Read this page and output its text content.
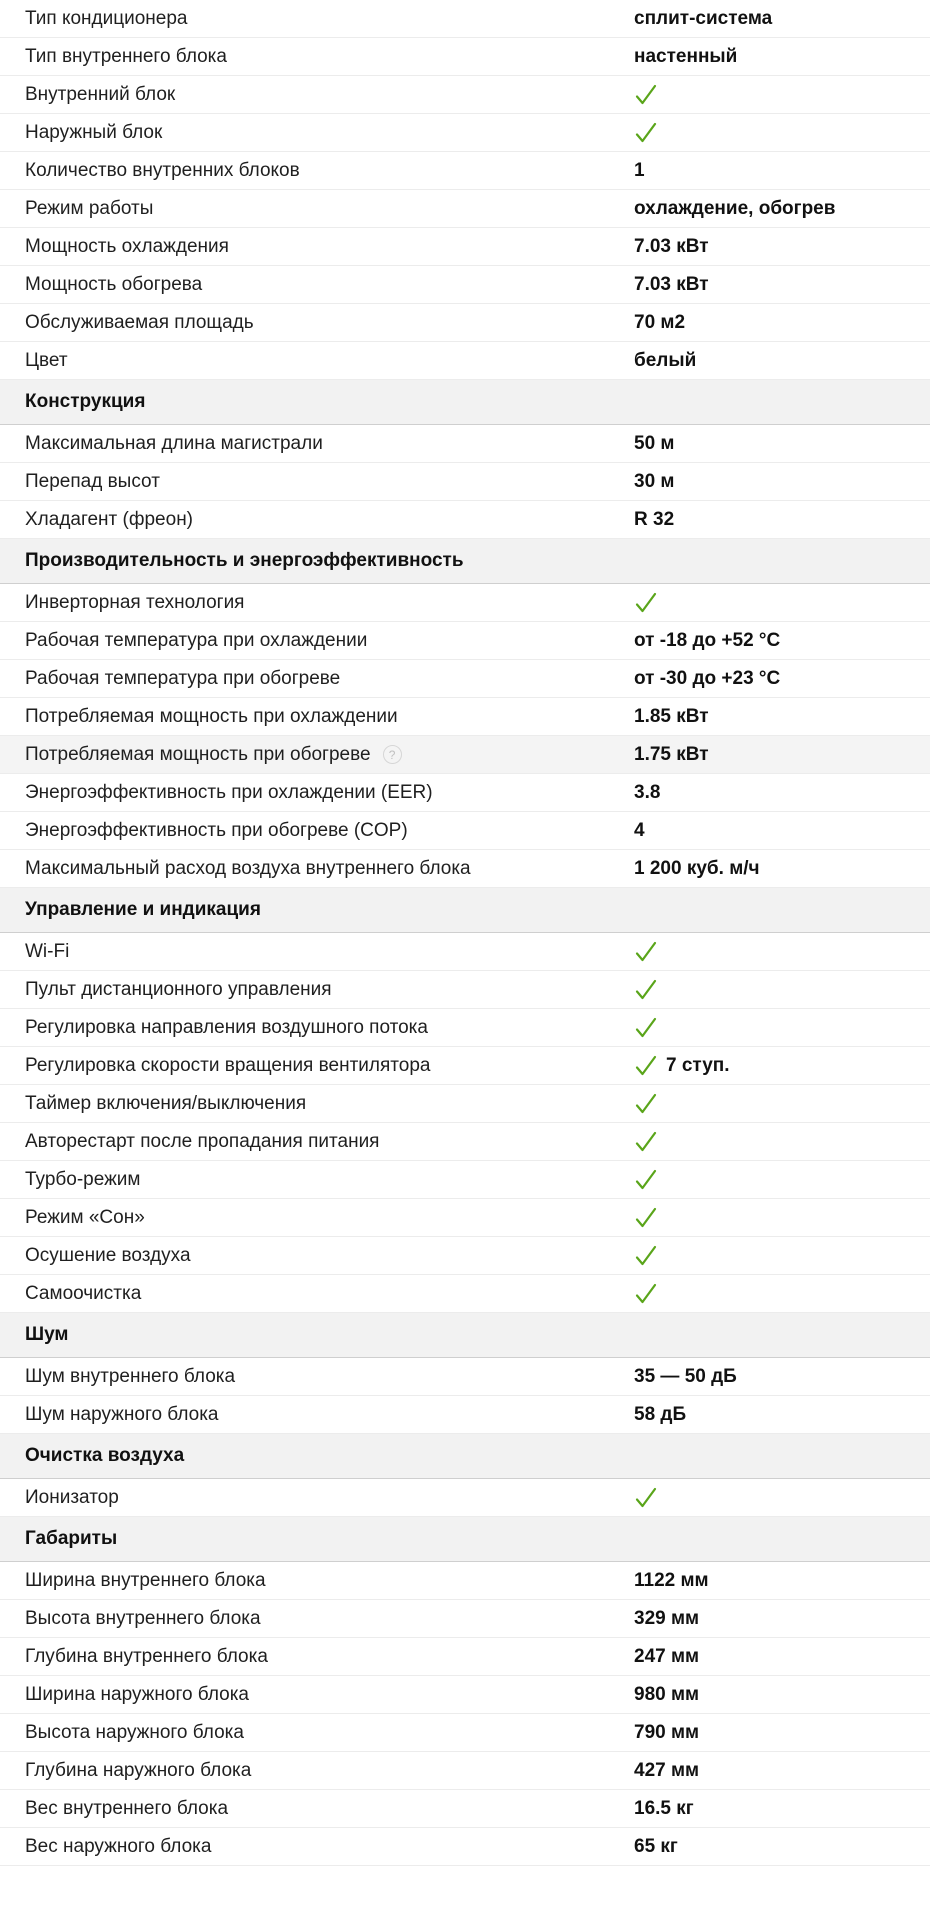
Тип кондиционера	сплит-система
Тип внутреннего блока	настенный
Внутренний блок
Наружный блок
Количество внутренних блоков	1
Режим работы	охлаждение, обогрев
Мощность охлаждения	7.03 кВт
Мощность обогрева	7.03 кВт
Обслуживаемая площадь	70 м2
Цвет	белый
Конструкция
Максимальная длина магистрали	50 м
Перепад высот	30 м
Хладагент (фреон)	R 32
Производительность и энергоэффективность
Инверторная технология
Рабочая температура при охлаждении	от -18 до +52 °C
Рабочая температура при обогреве	от -30 до +23 °C
Потребляемая мощность при охлаждении	1.85 кВт
Потребляемая мощность при обогреве	?	1.75 кВт
Энергоэффективность при охлаждении (EER)	3.8
Энергоэффективность при обогреве (COP)	4
Максимальный расход воздуха внутреннего блока	1 200 куб. м/ч
Управление и индикация
Wi-Fi
Пульт дистанционного управления
Регулировка направления воздушного потока
Регулировка скорости вращения вентилятора	7 ступ.
Таймер включения/выключения
Авторестарт после пропадания питания
Турбо-режим
Режим «Сон»
Осушение воздуха
Самоочистка
Шум
Шум внутреннего блока	35 — 50 дБ
Шум наружного блока	58 дБ
Очистка воздуха
Ионизатор
Габариты
Ширина внутреннего блока	1122 мм
Высота внутреннего блока	329 мм
Глубина внутреннего блока	247 мм
Ширина наружного блока	980 мм
Высота наружного блока	790 мм
Глубина наружного блока	427 мм
Вес внутреннего блока	16.5 кг
Вес наружного блока	65 кг
